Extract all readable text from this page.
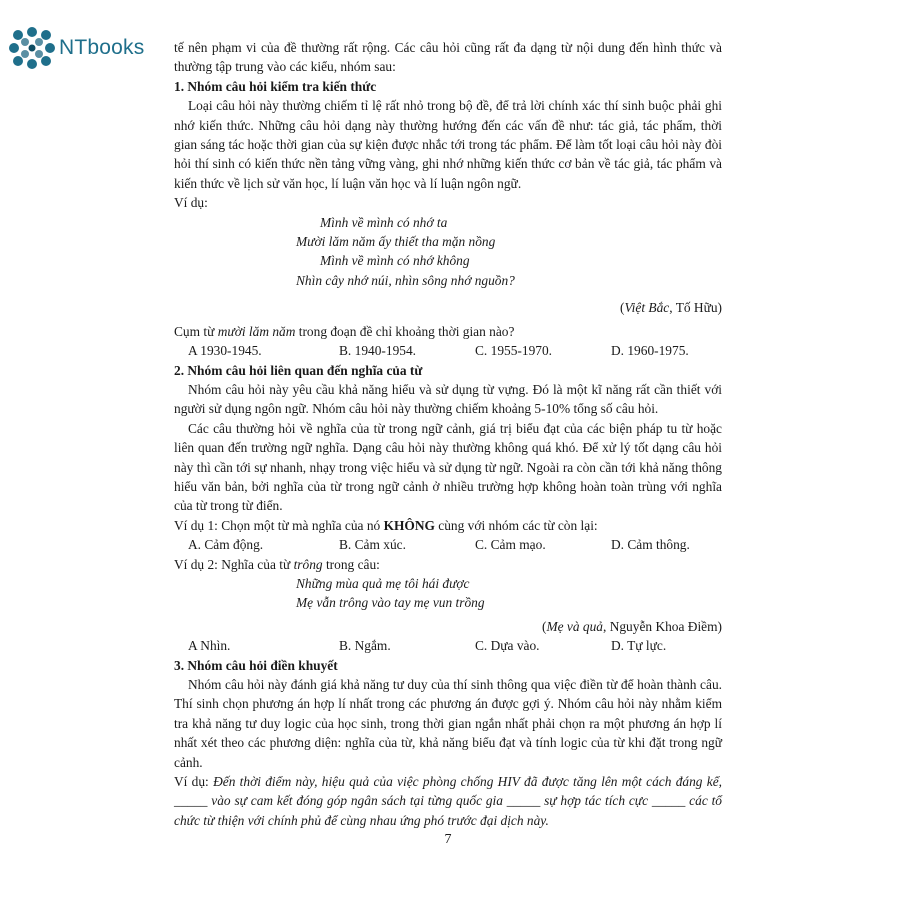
NTbooks tế nên phạm vi của đề thường rất rộng. Các câu hỏi cũng rất đa dạng từ nội dung đến hình thức và thường tập trung vào các kiểu, nhóm sau:

1. Nhóm câu hỏi kiểm tra kiến thức

Loại câu hỏi này thường chiếm tỉ lệ rất nhỏ trong bộ đề, để trả lời chính xác thí sinh buộc phải ghi nhớ kiến thức. Những câu hỏi dạng này thường hướng đến các vấn đề như: tác giả, tác phẩm, thời gian sáng tác hoặc thời gian của sự kiện được nhắc tới trong tác phẩm. Để làm tốt loại câu hỏi này đòi hỏi thí sinh có kiến thức nền tảng vững vàng, ghi nhớ những kiến thức cơ bản về tác giả, tác phẩm và kiến thức về lịch sử văn học, lí luận văn học và lí luận ngôn ngữ.

Ví dụ:

Mình về mình có nhớ ta
Mười lăm năm ấy thiết tha mặn nồng
Mình về mình có nhớ không
Nhìn cây nhớ núi, nhìn sông nhớ nguồn?

(Việt Bắc, Tố Hữu)

Cụm từ mười lăm năm trong đoạn đề chỉ khoảng thời gian nào?

A 1930-1945.	B. 1940-1954.	C. 1955-1970.	D. 1960-1975.

2. Nhóm câu hỏi liên quan đến nghĩa của từ

Nhóm câu hỏi này yêu cầu khả năng hiểu và sử dụng từ vựng. Đó là một kĩ năng rất cần thiết với người sử dụng ngôn ngữ. Nhóm câu hỏi này thường chiếm khoảng 5-10% tổng số câu hỏi.

Các câu thường hỏi về nghĩa của từ trong ngữ cảnh, giá trị biểu đạt của các biện pháp tu từ hoặc liên quan đến trường ngữ nghĩa. Dạng câu hỏi này thường không quá khó. Để xử lý tốt dạng câu hỏi này thì cần tới sự nhanh, nhạy trong việc hiểu và sử dụng từ ngữ. Ngoài ra còn cần tới khả năng thông hiểu văn bản, bởi nghĩa của từ trong ngữ cảnh ở nhiều trường hợp không hoàn toàn trùng với nghĩa của từ trong từ điển.

Ví dụ 1: Chọn một từ mà nghĩa của nó KHÔNG cùng với nhóm các từ còn lại:

A. Cảm động.	B. Cảm xúc.	C. Cảm mạo.	D. Cảm thông.

Ví dụ 2: Nghĩa của từ trông trong câu:

Những mùa quả mẹ tôi hái được
Mẹ vẫn trông vào tay mẹ vun trồng

(Mẹ và quả, Nguyễn Khoa Điềm)

A Nhìn.	B. Ngắm.	C. Dựa vào.	D. Tự lực.

3. Nhóm câu hỏi điền khuyết

Nhóm câu hỏi này đánh giá khả năng tư duy của thí sinh thông qua việc điền từ để hoàn thành câu. Thí sinh chọn phương án hợp lí nhất trong các phương án được gợi ý. Nhóm câu hỏi này nhằm kiểm tra khả năng tư duy logic của học sinh, trong thời gian ngắn nhất phải chọn ra một phương án hợp lí nhất xét theo các phương diện: nghĩa của từ, khả năng biểu đạt và tính logic của từ khi đặt trong ngữ cảnh.

Ví dụ: Đến thời điểm này, hiệu quả của việc phòng chống HIV đã được tăng lên một cách đáng kể, _____ vào sự cam kết đóng góp ngân sách tại từng quốc gia _____ sự hợp tác tích cực _____ các tổ chức từ thiện với chính phủ để cùng nhau ứng phó trước đại dịch này.

7
